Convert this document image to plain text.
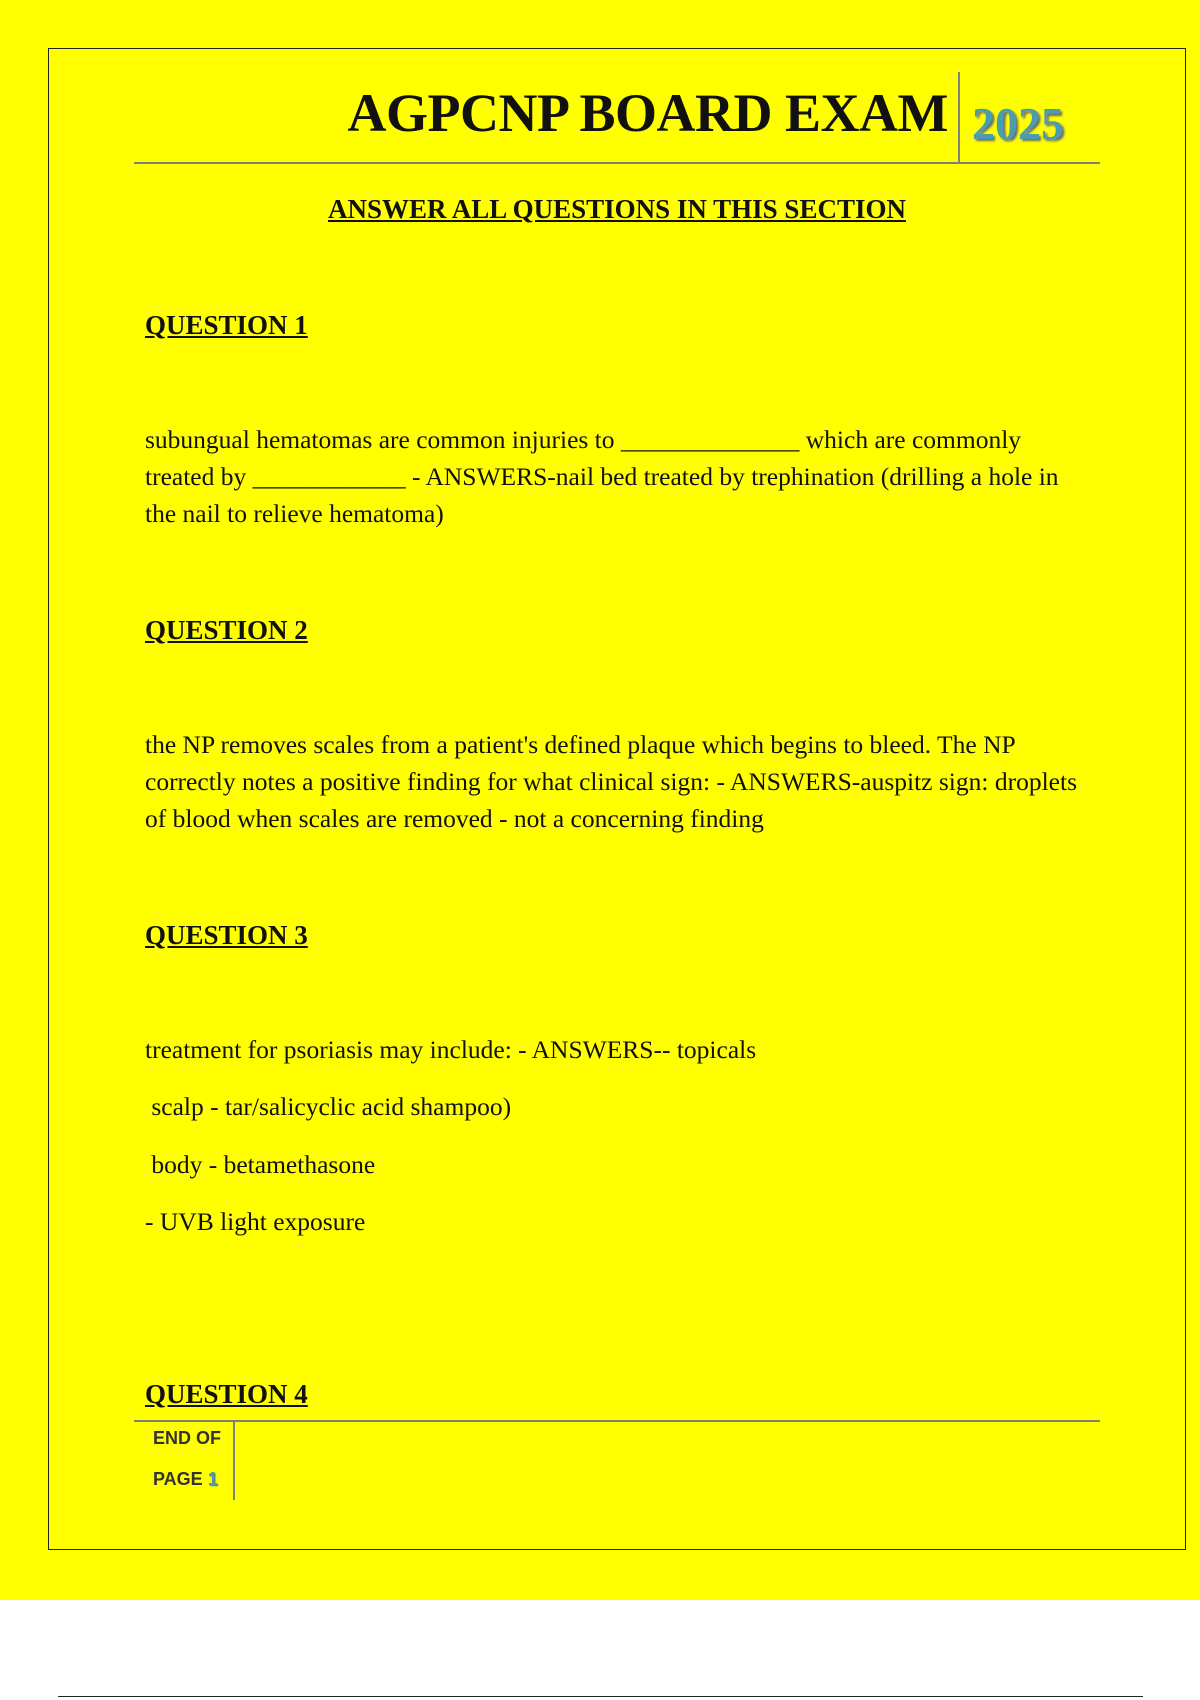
AGPCNP BOARD EXAM 2025
ANSWER ALL QUESTIONS IN THIS SECTION
QUESTION 1
subungual hematomas are common injuries to ______________ which are commonly treated by ____________ - ANSWERS-nail bed treated by trephination (drilling a hole in the nail to relieve hematoma)
QUESTION 2
the NP removes scales from a patient's defined plaque which begins to bleed. The NP correctly notes a positive finding for what clinical sign: - ANSWERS-auspitz sign: droplets of blood when scales are removed - not a concerning finding
QUESTION 3
treatment for psoriasis may include: - ANSWERS-- topicals
scalp - tar/salicyclic acid shampoo)
body - betamethasone
- UVB light exposure
QUESTION 4
END OF
PAGE 1
